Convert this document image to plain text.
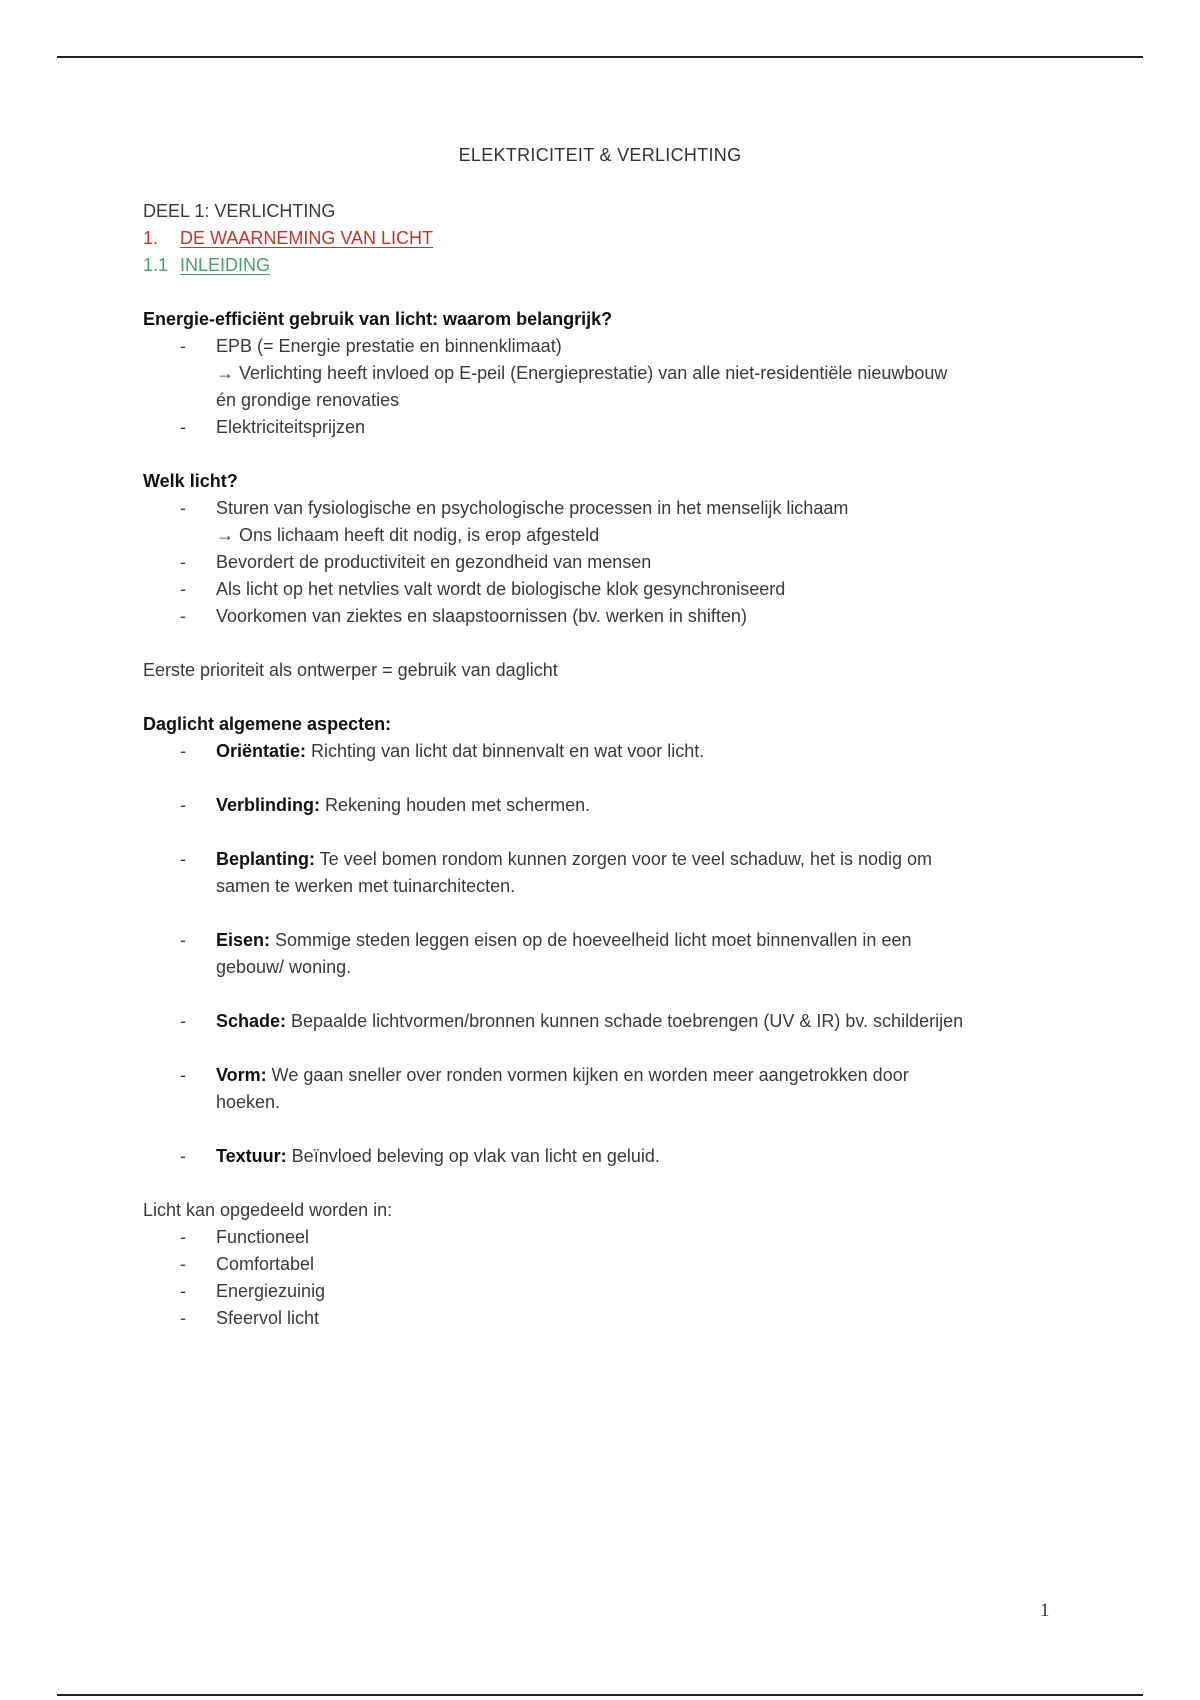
ELEKTRICITEIT & VERLICHTING
DEEL 1: VERLICHTING
1. DE WAARNEMING VAN LICHT
1.1 INLEIDING
Energie-efficiënt gebruik van licht: waarom belangrijk?
- EPB (= Energie prestatie en binnenklimaat)
→ Verlichting heeft invloed op E-peil (Energieprestatie) van alle niet-residentiële nieuwbouw
én grondige renovaties
- Elektriciteitsprijzen
Welk licht?
- Sturen van fysiologische en psychologische processen in het menselijk lichaam
→ Ons lichaam heeft dit nodig, is erop afgesteld
- Bevordert de productiviteit en gezondheid van mensen
- Als licht op het netvlies valt wordt de biologische klok gesynchroniseerd
- Voorkomen van ziektes en slaapstoornissen (bv. werken in shiften)
Eerste prioriteit als ontwerper = gebruik van daglicht
Daglicht algemene aspecten:
- Oriëntatie: Richting van licht dat binnenvalt en wat voor licht.
- Verblinding: Rekening houden met schermen.
- Beplanting: Te veel bomen rondom kunnen zorgen voor te veel schaduw, het is nodig om
samen te werken met tuinarchitecten.
- Eisen: Sommige steden leggen eisen op de hoeveelheid licht moet binnenvallen in een
gebouw/ woning.
- Schade: Bepaalde lichtvormen/bronnen kunnen schade toebrengen (UV & IR) bv. schilderijen
- Vorm: We gaan sneller over ronden vormen kijken en worden meer aangetrokken door
hoeken.
- Textuur: Beïnvloed beleving op vlak van licht en geluid.
Licht kan opgedeeld worden in:
- Functioneel
- Comfortabel
- Energiezuinig
- Sfeervol licht
1
